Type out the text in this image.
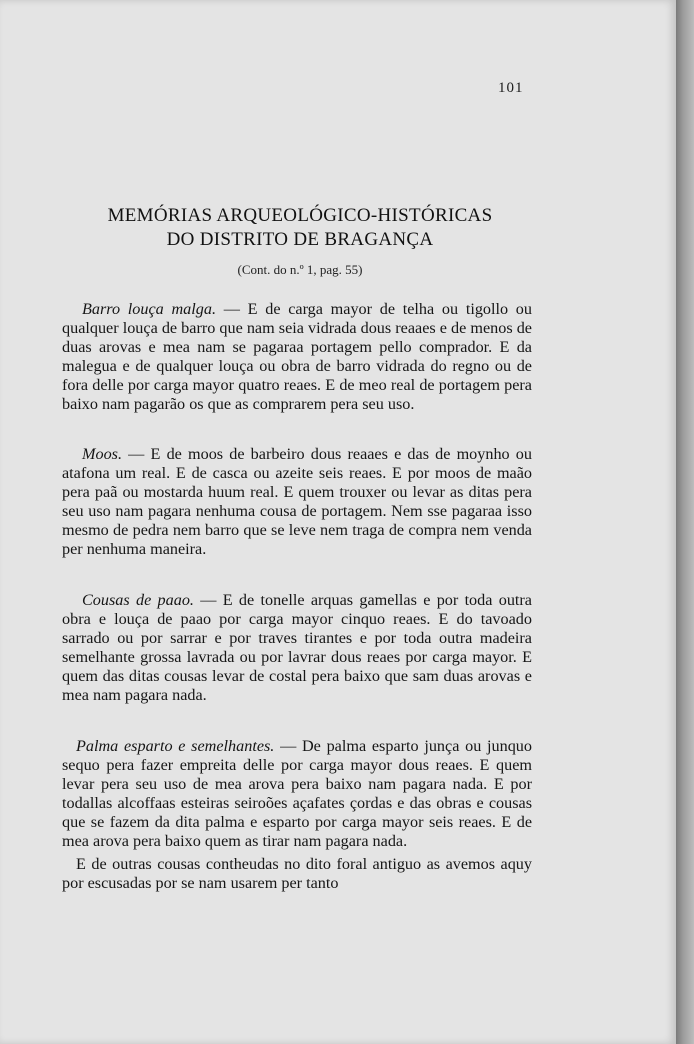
101
MEMÓRIAS ARQUEOLÓGICO-HISTÓRICAS
DO DISTRITO DE BRAGANÇA
(Cont. do n.º 1, pag. 55)

Barro louça malga. — E de carga mayor de telha ou tigollo ou qualquer louça de barro que nam seia vidrada dous reaaes e de menos de duas arovas e mea nam se pagaraa portagem pello comprador. E da malegua e de qualquer louça ou obra de barro vidrada do regno ou de fora delle por carga mayor quatro reaes. E de meo real de portagem pera baixo nam pagarão os que as comprarem pera seu uso.

Moos. — E de moos de barbeiro dous reaaes e das de moynho ou atafona um real. E de casca ou azeite seis reaes. E por moos de maão pera paã ou mostarda huum real. E quem trouxer ou levar as ditas pera seu uso nam pagara nenhuma cousa de portagem. Nem sse pagaraa isso mesmo de pedra nem barro que se leve nem traga de compra nem venda per nenhuma maneira.

Cousas de paao. — E de tonelle arquas gamellas e por toda outra obra e louça de paao por carga mayor cinquo reaes. E do tavoado sarrado ou por sarrar e por traves tirantes e por toda outra madeira semelhante grossa lavrada ou por lavrar dous reaes por carga mayor. E quem das ditas cousas levar de costal pera baixo que sam duas arovas e mea nam pagara nada.

Palma esparto e semelhantes. — De palma esparto junça ou junquo sequo pera fazer empreita delle por carga mayor dous reaes. E quem levar pera seu uso de mea arova pera baixo nam pagara nada. E por todallas alcoffaas esteiras seiroões açafates çordas e das obras e cousas que se fazem da dita palma e esparto por carga mayor seis reaes. E de mea arova pera baixo quem as tirar nam pagara nada.

E de outras cousas contheudas no dito foral antiguo as avemos aquy por escusadas por se nam usarem per tanto
